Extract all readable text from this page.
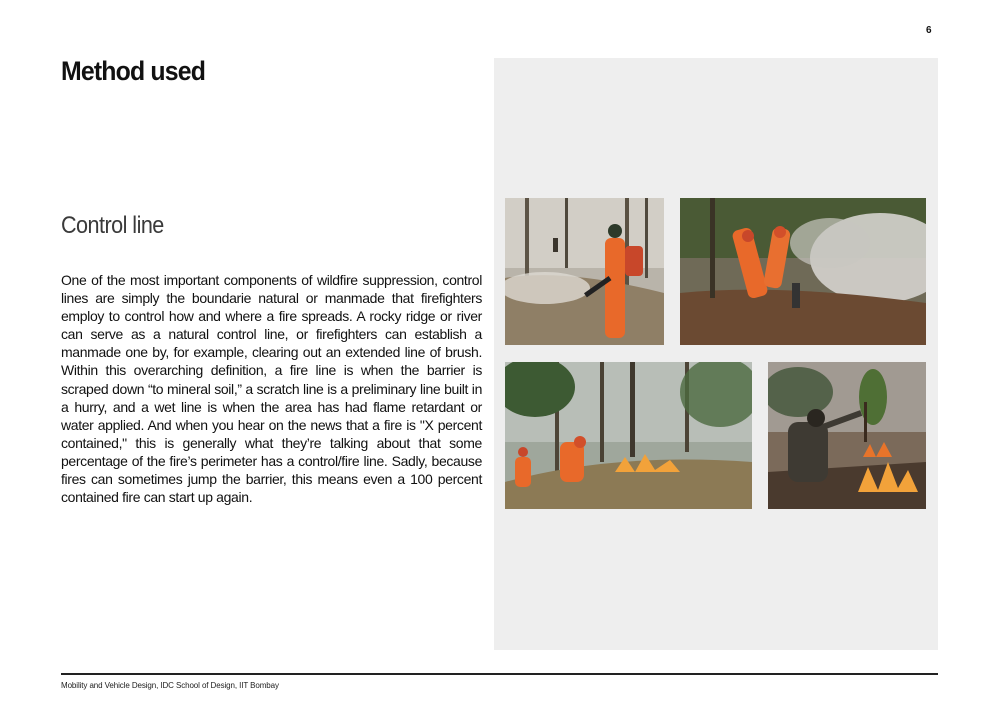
6
Method used
Control line

One of the most important components of wildfire suppression, control lines are simply the boundarie natural or manmade that firefighters employ to control how and where a fire spreads. A rocky ridge or river can serve as a natural control line, or firefighters can establish a manmade one by, for example, clearing out an extended line of brush. Within this overarching definition, a fire line is when the barrier is scraped down “to mineral soil,” a scratch line is a preliminary line built in a hurry, and a wet line is when the area has had flame retardant or water applied. And when you hear on the news that a fire is "X percent contained," this is generally what they’re talking about that some percentage of the fire’s perimeter has a control/fire line. Sadly, because fires can sometimes jump the barrier, this means even a 100 percent contained fire can start up again.

Mobility and Vehicle Design, IDC School of Design, IIT Bombay
